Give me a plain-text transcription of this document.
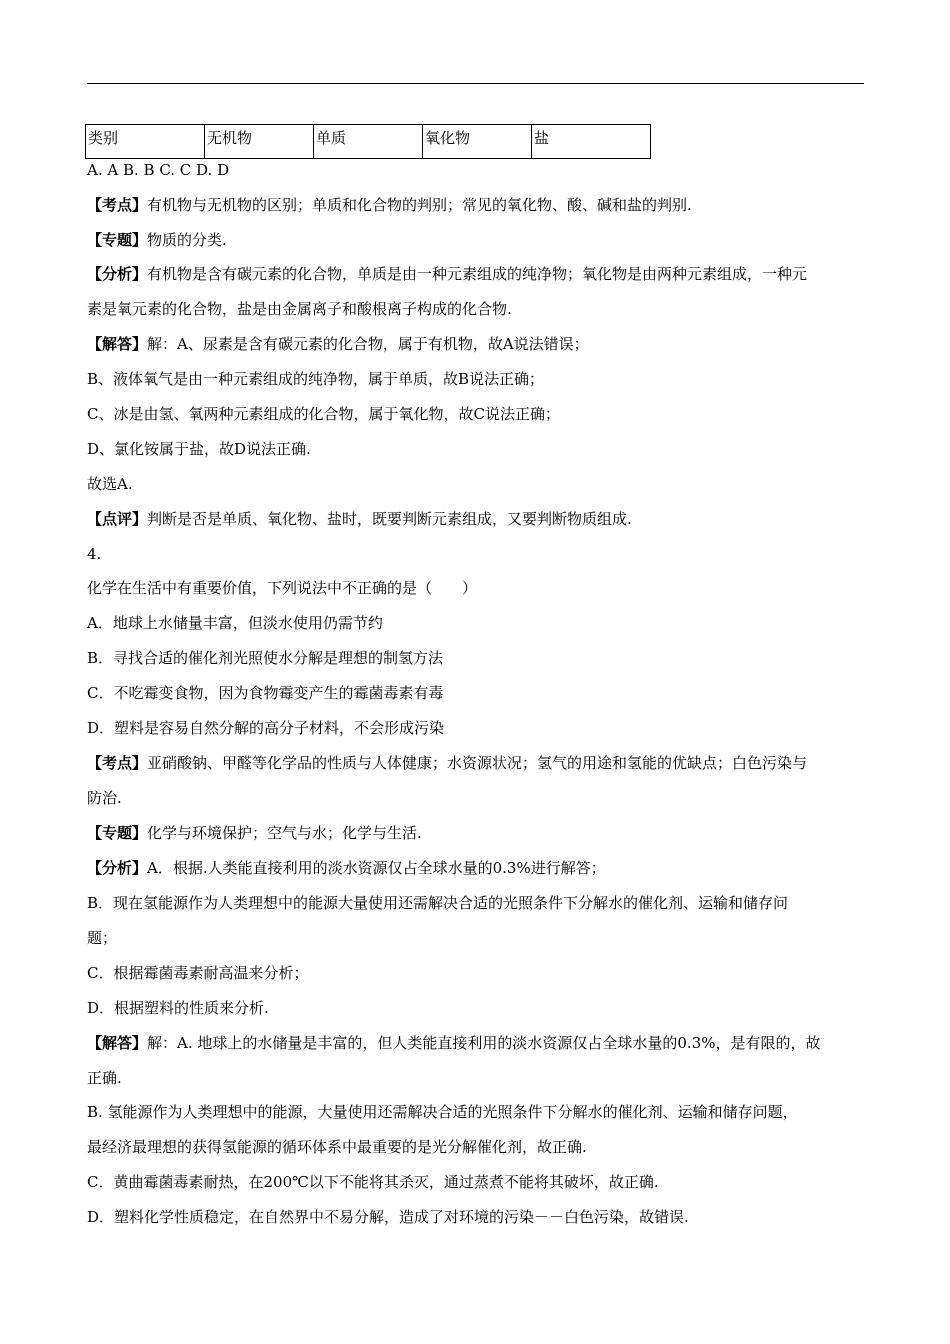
类别	无机物	单质	氧化物	盐
A. A B. B C. C D. D
【考点】有机物与无机物的区别；单质和化合物的判别；常见的氧化物、酸、碱和盐的判别.
【专题】物质的分类.
【分析】有机物是含有碳元素的化合物，单质是由一种元素组成的纯净物；氧化物是由两种元素组成，一种元
素是氧元素的化合物，盐是由金属离子和酸根离子构成的化合物.
【解答】解：A、尿素是含有碳元素的化合物，属于有机物，故A说法错误；
B、液体氧气是由一种元素组成的纯净物，属于单质，故B说法正确；
C、冰是由氢、氧两种元素组成的化合物，属于氧化物，故C说法正确；
D、氯化铵属于盐，故D说法正确.
故选A.
【点评】判断是否是单质、氧化物、盐时，既要判断元素组成，又要判断物质组成.
4.
化学在生活中有重要价值，下列说法中不正确的是（　　）
A．地球上水储量丰富，但淡水使用仍需节约
B．寻找合适的催化剂光照使水分解是理想的制氢方法
C．不吃霉变食物，因为食物霉变产生的霉菌毒素有毒
D．塑料是容易自然分解的高分子材料，不会形成污染
【考点】亚硝酸钠、甲醛等化学品的性质与人体健康；水资源状况；氢气的用途和氢能的优缺点；白色污染与
防治.
【专题】化学与环境保护；空气与水；化学与生活.
【分析】A．根据.人类能直接利用的淡水资源仅占全球水量的0.3%进行解答；
B．现在氢能源作为人类理想中的能源大量使用还需解决合适的光照条件下分解水的催化剂、运输和储存问
题；
C．根据霉菌毒素耐高温来分析；
D．根据塑料的性质来分析.
【解答】解：A. 地球上的水储量是丰富的，但人类能直接利用的淡水资源仅占全球水量的0.3%，是有限的，故
正确.
B. 氢能源作为人类理想中的能源，大量使用还需解决合适的光照条件下分解水的催化剂、运输和储存问题，
最经济最理想的获得氢能源的循环体系中最重要的是光分解催化剂，故正确.
C．黄曲霉菌毒素耐热，在200℃以下不能将其杀灭，通过蒸煮不能将其破坏，故正确.
D．塑料化学性质稳定，在自然界中不易分解，造成了对环境的污染－－白色污染，故错误.
